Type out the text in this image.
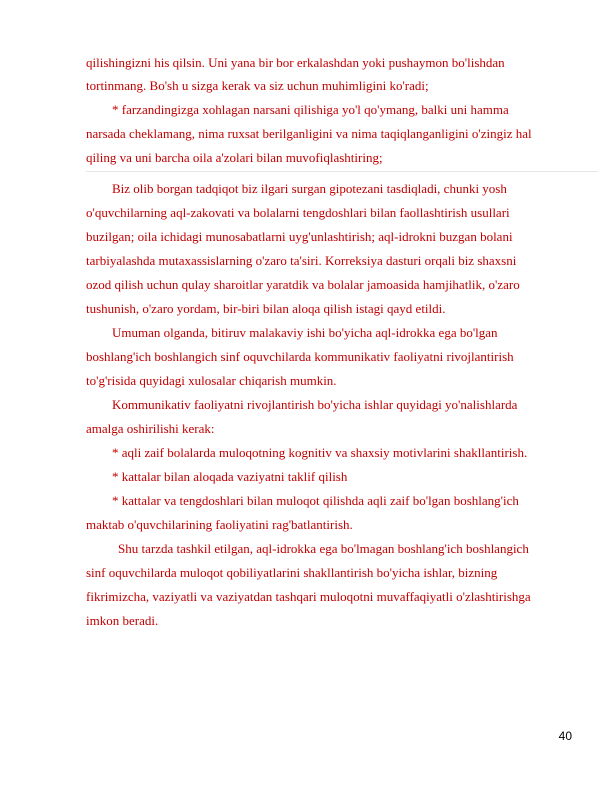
qilishingizni his qilsin. Uni yana bir bor erkalashdan yoki pushaymon bo'lishdan
tortinmang. Bo'sh u sizga kerak va siz uchun muhimligini ko'radi;
* farzandingizga xohlagan narsani qilishiga yo'l qo'ymang, balki uni hamma
narsada cheklamang, nima ruxsat berilganligini va nima taqiqlanganligini o'zingiz hal
qiling va uni barcha oila a'zolari bilan muvofiqlashtiring;
Biz olib borgan tadqiqot biz ilgari surgan gipotezani tasdiqladi, chunki yosh
o'quvchilarning aql-zakovati va bolalarni tengdoshlari bilan faollashtirish usullari
buzilgan; oila ichidagi munosabatlarni uyg'unlashtirish; aql-idrokni buzgan bolani
tarbiyalashda mutaxassislarning o'zaro ta'siri. Korreksiya dasturi orqali biz shaxsni
ozod qilish uchun qulay sharoitlar yaratdik va bolalar jamoasida hamjihatlik, o'zaro
tushunish, o'zaro yordam, bir-biri bilan aloqa qilish istagi qayd etildi.
Umuman olganda, bitiruv malakaviy ishi bo'yicha aql-idrokka ega bo'lgan
boshlang'ich boshlangich sinf oquvchilarda kommunikativ faoliyatni rivojlantirish
to'g'risida quyidagi xulosalar chiqarish mumkin.
Kommunikativ faoliyatni rivojlantirish bo'yicha ishlar quyidagi yo'nalishlarda
amalga oshirilishi kerak:
* aqli zaif bolalarda muloqotning kognitiv va shaxsiy motivlarini shakllantirish.
* kattalar bilan aloqada vaziyatni taklif qilish
* kattalar va tengdoshlari bilan muloqot qilishda aqli zaif bo'lgan boshlang'ich
maktab o'quvchilarining faoliyatini rag'batlantirish.
Shu tarzda tashkil etilgan, aql-idrokka ega bo'lmagan boshlang'ich boshlangich
sinf oquvchilarda muloqot qobiliyatlarini shakllantirish bo'yicha ishlar, bizning
fikrimizcha, vaziyatli va vaziyatdan tashqari muloqotni muvaffaqiyatli o'zlashtirishga
imkon beradi.
40
